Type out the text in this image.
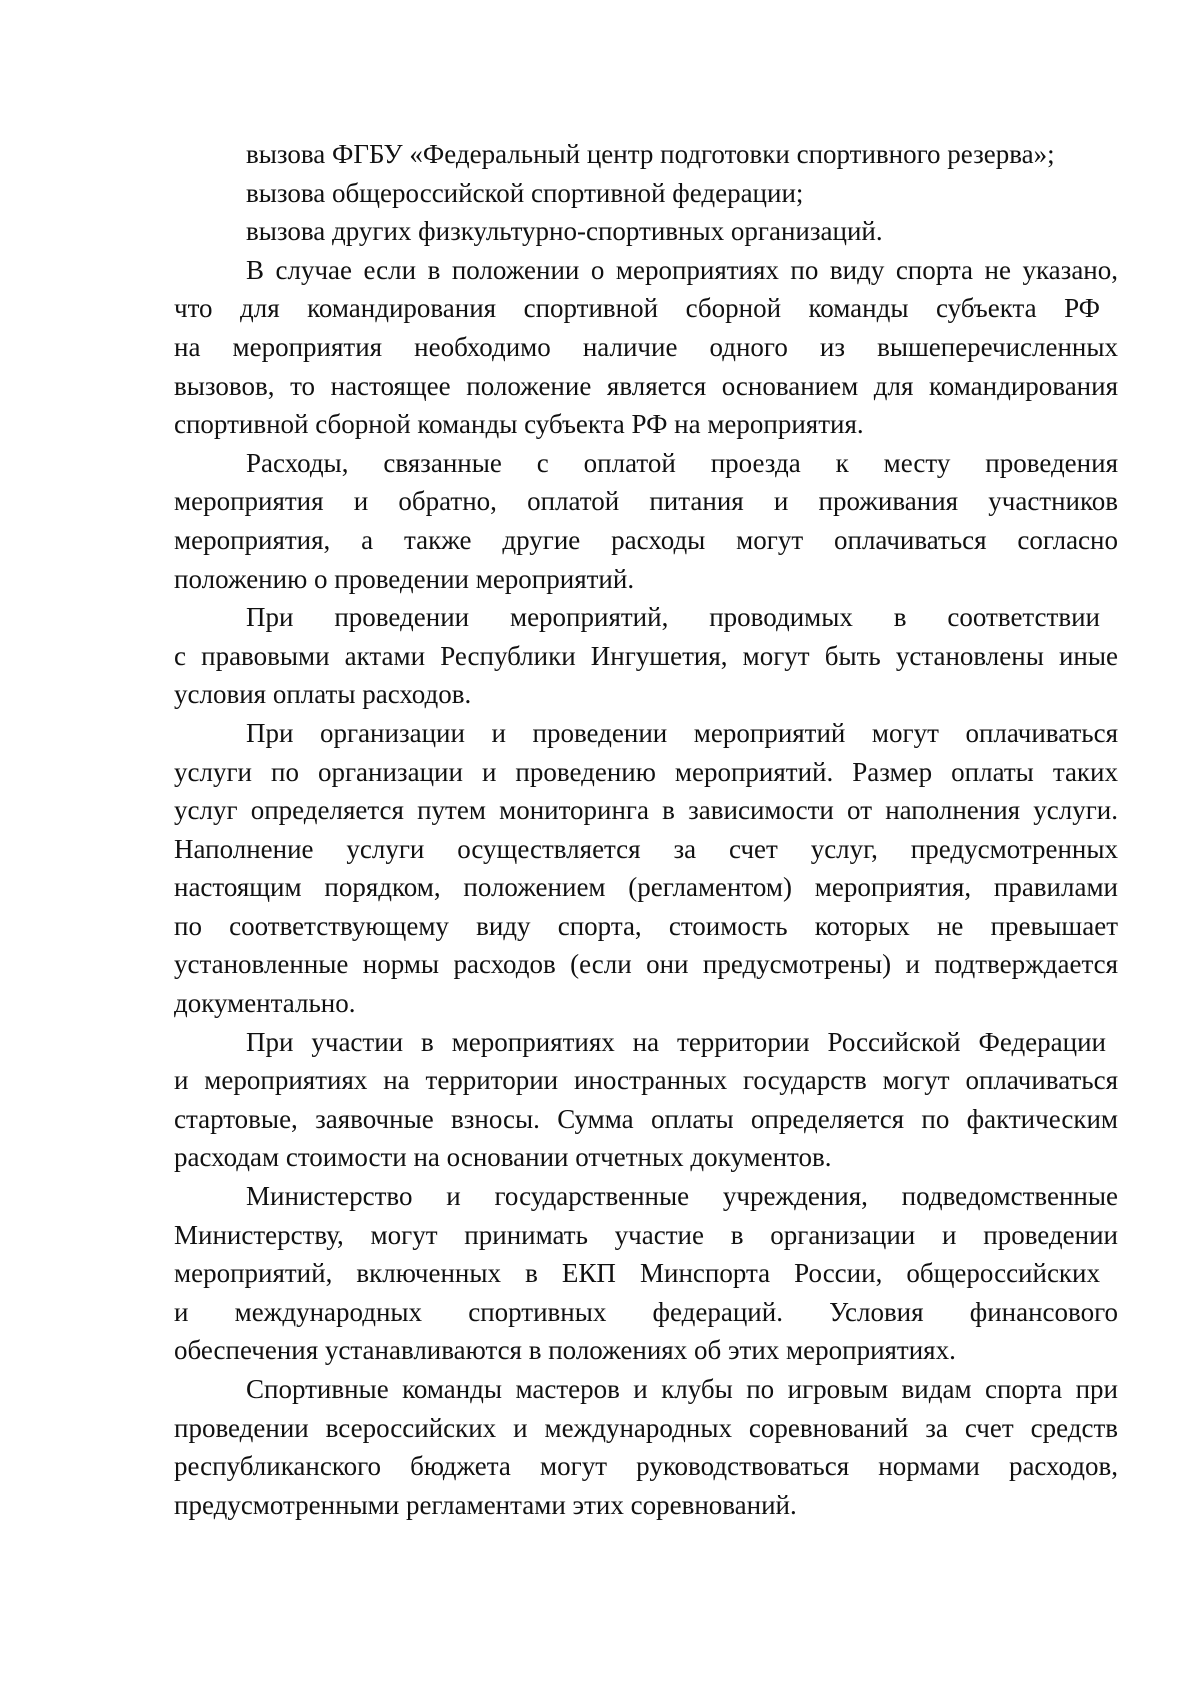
вызова ФГБУ «Федеральный центр подготовки спортивного резерва»;
вызова общероссийской спортивной федерации;
вызова других физкультурно-спортивных организаций.
В случае если в положении о мероприятиях по виду спорта не указано,
что для командирования спортивной сборной команды субъекта РФ
на мероприятия необходимо наличие одного из вышеперечисленных
вызовов, то настоящее положение является основанием для командирования
спортивной сборной команды субъекта РФ на мероприятия.
Расходы, связанные с оплатой проезда к месту проведения
мероприятия и обратно, оплатой питания и проживания участников
мероприятия, а также другие расходы могут оплачиваться согласно
положению о проведении мероприятий.
При проведении мероприятий, проводимых в соответствии
с правовыми актами Республики Ингушетия, могут быть установлены иные
условия оплаты расходов.
При организации и проведении мероприятий могут оплачиваться
услуги по организации и проведению мероприятий. Размер оплаты таких
услуг определяется путем мониторинга в зависимости от наполнения услуги.
Наполнение услуги осуществляется за счет услуг, предусмотренных
настоящим порядком, положением (регламентом) мероприятия, правилами
по соответствующему виду спорта, стоимость которых не превышает
установленные нормы расходов (если они предусмотрены) и подтверждается
документально.
При участии в мероприятиях на территории Российской Федерации
и мероприятиях на территории иностранных государств могут оплачиваться
стартовые, заявочные взносы. Сумма оплаты определяется по фактическим
расходам стоимости на основании отчетных документов.
Министерство и государственные учреждения, подведомственные
Министерству, могут принимать участие в организации и проведении
мероприятий, включенных в ЕКП Минспорта России, общероссийских
и международных спортивных федераций. Условия финансового
обеспечения устанавливаются в положениях об этих мероприятиях.
Спортивные команды мастеров и клубы по игровым видам спорта при
проведении всероссийских и международных соревнований за счет средств
республиканского бюджета могут руководствоваться нормами расходов,
предусмотренными регламентами этих соревнований.
